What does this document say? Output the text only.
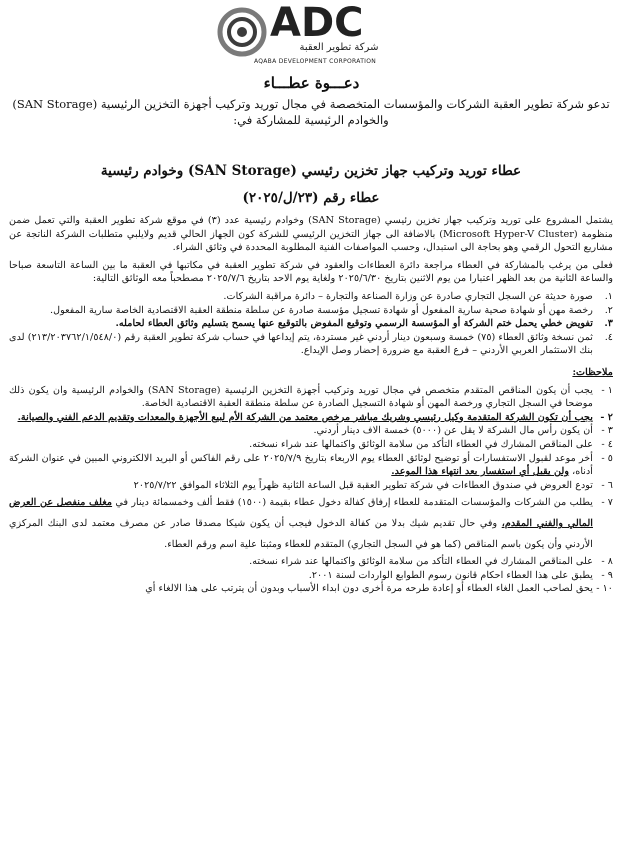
ADC
شركة تطوير العقبة
AQABA DEVELOPMENT CORPORATION
دعـــوة عطـــاء
تدعو شركة تطوير العقبة الشركات والمؤسسات المتخصصة في مجال توريد وتركيب أجهزة التخزين الرئيسية (SAN Storage) والخوادم الرئيسية للمشاركة في:
عطاء توريد وتركيب جهاز تخزين رئيسي (SAN Storage) وخوادم رئيسية
عطاء رقم (٢٣/ل/٢٠٢٥)

يشتمل المشروع على توريد وتركيب جهاز تخزين رئيسي (SAN Storage) وخوادم رئيسية عدد (٣) في موقع شركة تطوير العقبة والتي تعمل ضمن منظومة (Microsoft Hyper-V Cluster) بالاضافة الى جهاز التخزين الرئيسي للشركة كون الجهاز الحالي قديم ولايلبي متطلبات الشركة الناتجة عن مشاريع التحول الرقمي وهو بحاجة الى استبدال، وحسب المواصفات الفنية المطلوبة المحددة في وثائق الشراء.

فعلى من يرغب بالمشاركة في العطاء مراجعة دائرة العطاءات والعقود في شركة تطوير العقبة في مكاتبها في العقبة ما بين الساعة التاسعة صباحا والساعة الثانية من بعد الظهر اعتبارا من يوم الاثنين بتاريخ ٢٠٢٥/٦/٣٠ ولغاية يوم الاحد بتاريخ ٢٠٢٥/٧/٦ مصطحباً معه الوثائق التالية:

١.
صورة حديثة عن السجل التجاري صادرة عن وزارة الصناعة والتجارة – دائرة مراقبة الشركات.
٢.
رخصة مهن أو شهادة صحية سارية المفعول أو شهادة تسجيل مؤسسة صادرة عن سلطة منطقة العقبة الاقتصادية الخاصة سارية المفعول.
٣.
تفويض خطي يحمل ختم الشركة أو المؤسسة الرسمي وتوقيع المفوض بالتوقيع عنها يسمح بتسليم وثائق العطاء لحامله.
٤.
ثمن نسخة وثائق العطاء (٧٥) خمسة وسبعون دينار أردني غير مستردة، يتم إيداعها في حساب شركة تطوير العقبة رقم (٢١٣/٢٠٣٧٦٢/١/٥٤٨/٠) لدى بنك الاستثمار العربي الأردني – فرع العقبة مع ضرورة إحضار وصل الإيداع.

ملاحظات:

١ -
يجب أن يكون المناقص المتقدم متخصص في مجال توريد وتركيب أجهزة التخزين الرئيسية (SAN Storage) والخوادم الرئيسية وان يكون ذلك موضحا في السجل التجاري ورخصة المهن أو شهادة التسجيل الصادرة عن سلطة منطقة العقبة الاقتصادية الخاصة.
٢ -
يجب أن تكون الشركة المتقدمة وكيل رئيسي وشريك مباشر مرخص معتمد من الشركة الأم لبيع الأجهزة والمعدات وتقديم الدعم الفني والصيانة.
٣ -
أن يكون رأس مال الشركة لا يقل عن (٥٠٠٠) خمسة الاف دينار أردني.
٤ -
على المناقص المشارك في العطاء التأكد من سلامة الوثائق واكتمالها عند شراء نسخته.
٥ -
أخر موعد لقبول الاستفسارات أو توضيح لوثائق العطاء يوم الاربعاء بتاريخ ٢٠٢٥/٧/٩ على رقم الفاكس أو البريد الالكتروني المبين في عنوان الشركة أدناه، ولن يقبل أي استفسار بعد انتهاء هذا الموعد.
٦ -
تودع العروض في صندوق العطاءات في شركة تطوير العقبة قبل الساعة الثانية ظهراً يوم الثلاثاء الموافق ٢٠٢٥/٧/٢٢
٧ -
يطلب من الشركات والمؤسسات المتقدمة للعطاء إرفاق كفالة دخول عطاء بقيمة (١٥٠٠) فقط ألف وخمسمائة دينار في مغلف منفصل عن العرض المالي والفني المقدم، وفي حال تقديم شيك بدلا من كفالة الدخول فيجب أن يكون شيكا مصدقا صادر عن مصرف معتمد لدى البنك المركزي الأردني وأن يكون باسم المناقص (كما هو في السجل التجاري) المتقدم للعطاء ومثبتا علية اسم ورقم العطاء.
٨ -
على المناقص المشارك في العطاء التأكد من سلامة الوثائق واكتمالها عند شراء نسخته.
٩ -
يطبق على هذا العطاء احكام قانون رسوم الطوابع الواردات لسنة ٢٠٠١.
١٠ -
يحق لصاحب العمل الغاء العطاء أو إعادة طرحه مرة أخرى دون ابداء الأسباب وبدون أن يترتب على هذا الالغاء أي
